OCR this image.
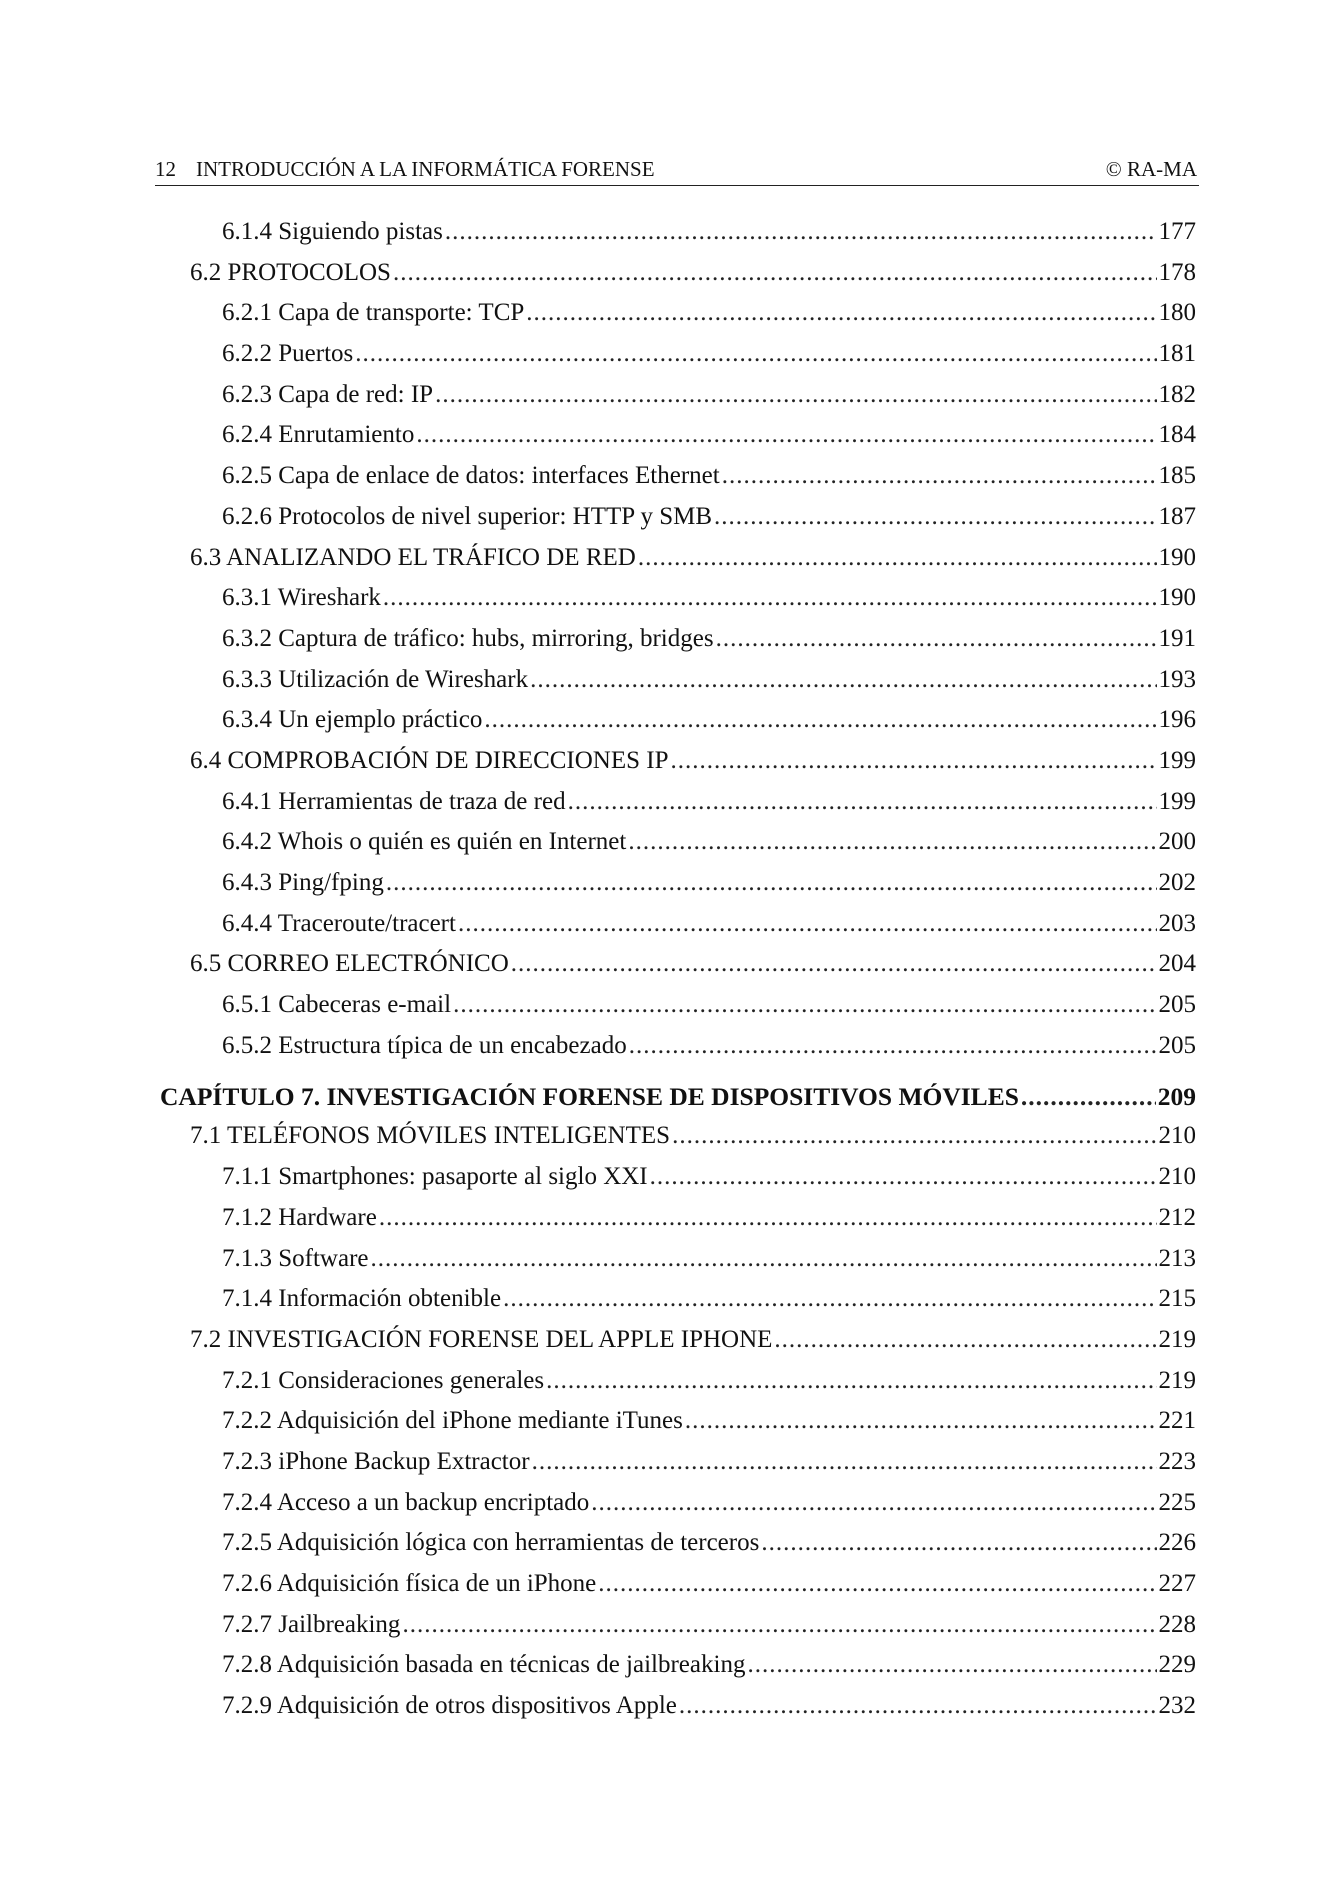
12 INTRODUCCIÓN A LA INFORMÁTICA FORENSE	© RA-MA
6.1.4 Siguiendo pistas .....	177
6.2 PROTOCOLOS .....	178
6.2.1 Capa de transporte: TCP .....	180
6.2.2 Puertos .....	181
6.2.3 Capa de red: IP .....	182
6.2.4 Enrutamiento .....	184
6.2.5 Capa de enlace de datos: interfaces Ethernet .....	185
6.2.6 Protocolos de nivel superior: HTTP y SMB .....	187
6.3 ANALIZANDO EL TRÁFICO DE RED .....	190
6.3.1 Wireshark .....	190
6.3.2 Captura de tráfico: hubs, mirroring, bridges .....	191
6.3.3 Utilización de Wireshark .....	193
6.3.4 Un ejemplo práctico .....	196
6.4 COMPROBACIÓN DE DIRECCIONES IP .....	199
6.4.1 Herramientas de traza de red .....	199
6.4.2 Whois o quién es quién en Internet .....	200
6.4.3 Ping/fping .....	202
6.4.4 Traceroute/tracert .....	203
6.5 CORREO ELECTRÓNICO .....	204
6.5.1 Cabeceras e-mail .....	205
6.5.2 Estructura típica de un encabezado .....	205
CAPÍTULO 7. INVESTIGACIÓN FORENSE DE DISPOSITIVOS MÓVILES .....	209
7.1 TELÉFONOS MÓVILES INTELIGENTES .....	210
7.1.1 Smartphones: pasaporte al siglo XXI .....	210
7.1.2 Hardware .....	212
7.1.3 Software .....	213
7.1.4 Información obtenible .....	215
7.2 INVESTIGACIÓN FORENSE DEL APPLE IPHONE .....	219
7.2.1 Consideraciones generales .....	219
7.2.2 Adquisición del iPhone mediante iTunes .....	221
7.2.3 iPhone Backup Extractor .....	223
7.2.4 Acceso a un backup encriptado .....	225
7.2.5 Adquisición lógica con herramientas de terceros .....	226
7.2.6 Adquisición física de un iPhone .....	227
7.2.7 Jailbreaking .....	228
7.2.8 Adquisición basada en técnicas de jailbreaking .....	229
7.2.9 Adquisición de otros dispositivos Apple .....	232
